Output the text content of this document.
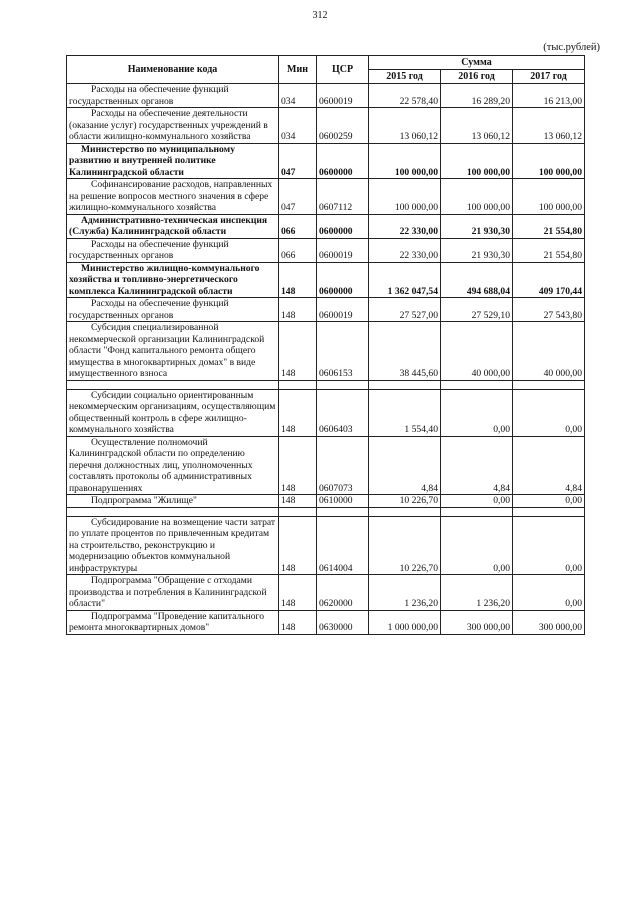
312
(тыс.рублей)
Наименование кода	Мин	ЦСР	Сумма		
			2015 год	2016 год	2017 год
Расходы на обеспечение функций государственных органов	034	0600019	22 578,40	16 289,20	16 213,00
Расходы на обеспечение деятельности (оказание услуг) государственных учреждений в области жилищно-коммунального хозяйства	034	0600259	13 060,12	13 060,12	13 060,12
Министерство по муниципальному развитию и внутренней политике Калининградской области	047	0600000	100 000,00	100 000,00	100 000,00
Софинансирование расходов, направленных на решение вопросов местного значения в сфере жилищно-коммунального хозяйства	047	0607112	100 000,00	100 000,00	100 000,00
Административно-техническая инспекция (Служба) Калининградской области	066	0600000	22 330,00	21 930,30	21 554,80
Расходы на обеспечение функций государственных органов	066	0600019	22 330,00	21 930,30	21 554,80
Министерство жилищно-коммунального хозяйства и топливно-энергетического комплекса Калининградской области	148	0600000	1 362 047,54	494 688,04	409 170,44
Расходы на обеспечение функций государственных органов	148	0600019	27 527,00	27 529,10	27 543,80
Субсидия специализированной некоммерческой организации Калининградской области "Фонд капитального ремонта общего имущества в многоквартирных домах" в виде имущественного взноса	148	0606153	38 445,60	40 000,00	40 000,00

Субсидии социально ориентированным некоммерческим организациям, осуществляющим общественный контроль в сфере жилищно-коммунального хозяйства	148	0606403	1 554,40	0,00	0,00
Осуществление полномочий Калининградской области по определению перечня должностных лиц, уполномоченных составлять протоколы об административных правонарушениях	148	0607073	4,84	4,84	4,84
Подпрограмма "Жилище"	148	0610000	10 226,70	0,00	0,00

Субсидирование на возмещение части затрат по уплате процентов по привлеченным кредитам на строительство, реконструкцию и модернизацию объектов коммунальной инфраструктуры	148	0614004	10 226,70	0,00	0,00
Подпрограмма "Обращение с отходами производства и потребления в Калининградской области"	148	0620000	1 236,20	1 236,20	0,00
Подпрограмма "Проведение капитального ремонта многоквартирных домов"	148	0630000	1 000 000,00	300 000,00	300 000,00
